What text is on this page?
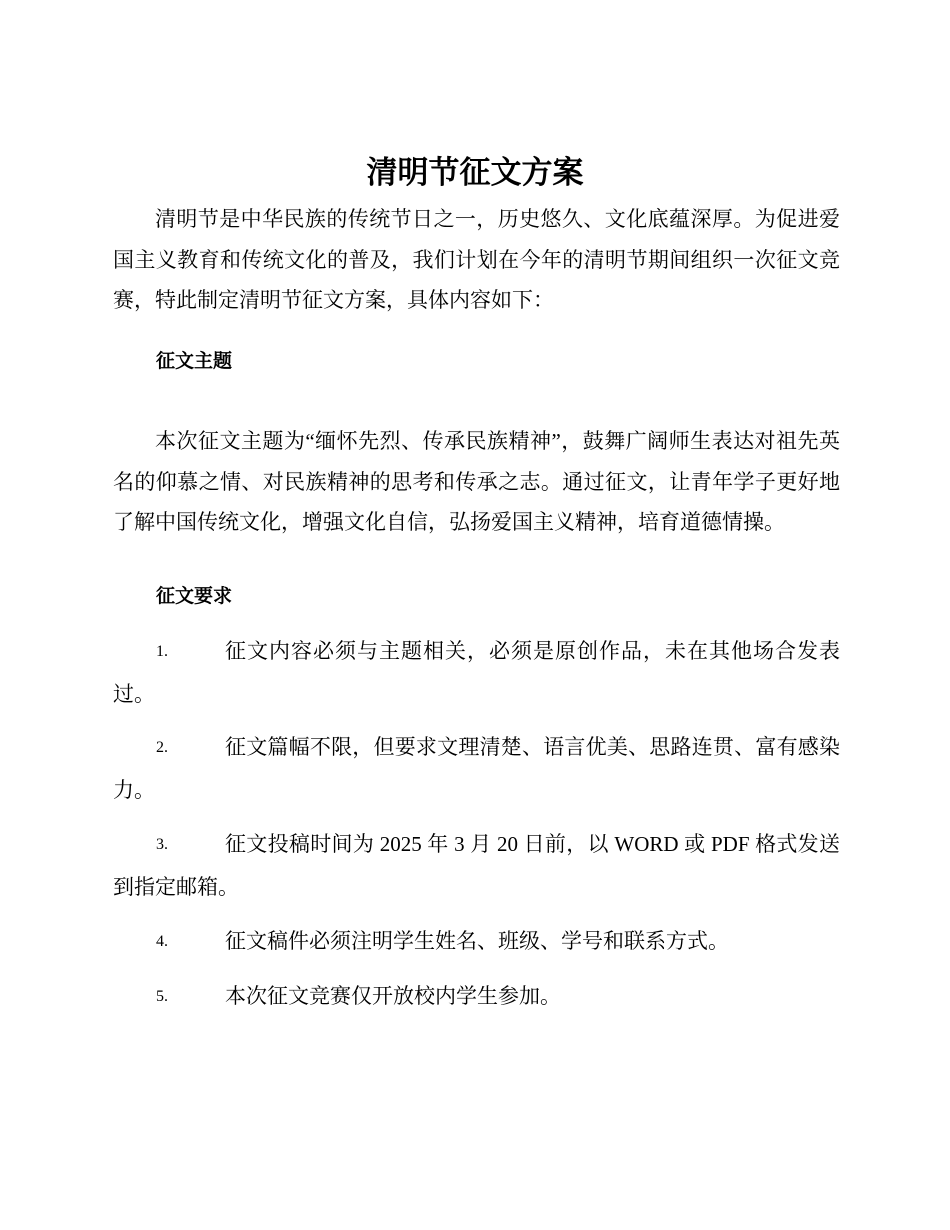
清明节征文方案

清明节是中华民族的传统节日之一，历史悠久、文化底蕴深厚。为促进爱国主义教育和传统文化的普及，我们计划在今年的清明节期间组织一次征文竞赛，特此制定清明节征文方案，具体内容如下：

征文主题

本次征文主题为“缅怀先烈、传承民族精神”，鼓舞广阔师生表达对祖先英名的仰慕之情、对民族精神的思考和传承之志。通过征文，让青年学子更好地了解中国传统文化，增强文化自信，弘扬爱国主义精神，培育道德情操。

征文要求
1.	征文内容必须与主题相关，必须是原创作品，未在其他场合发表过。
2.	征文篇幅不限，但要求文理清楚、语言优美、思路连贯、富有感染力。
3.	征文投稿时间为 2025 年 3 月 20 日前，以 WORD 或 PDF 格式发送到指定邮箱。
4.	征文稿件必须注明学生姓名、班级、学号和联系方式。
5.	本次征文竞赛仅开放校内学生参加。
